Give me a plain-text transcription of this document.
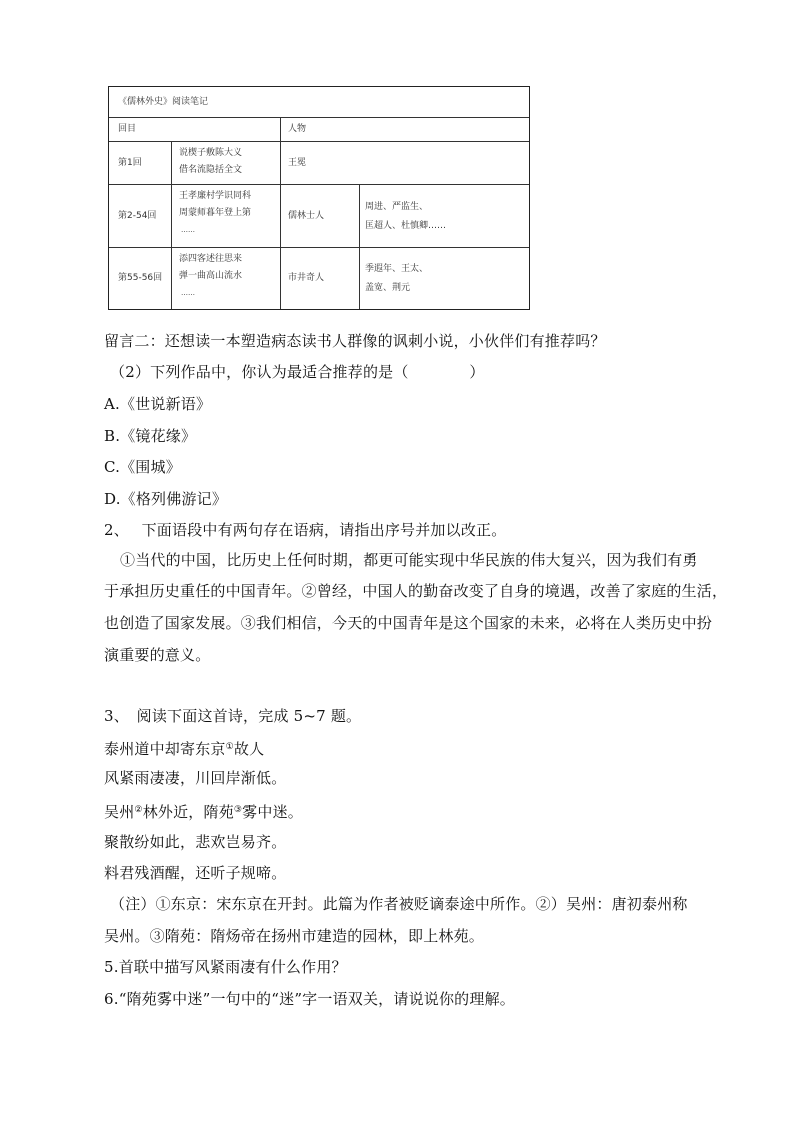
《儒林外史》阅读笔记
回目	人物
第1回
说楔子敷陈大义
借名流隐括全文
王冕
第2-54回
王孝廉村学识同科
周蒙师暮年登上第
……
儒林士人
周进、严监生、
匡超人、杜慎卿……
第55-56回
添四客述往思来
弹一曲高山流水
……
市井奇人
季遐年、王太、
盖宽、荆元
留言二：还想读一本塑造病态读书人群像的讽刺小说，小伙伴们有推荐吗？
（2）下列作品中，你认为最适合推荐的是（　　　　）
A.《世说新语》
B.《镜花缘》
C.《围城》
D.《格列佛游记》
2、　 下面语段中有两句存在语病，请指出序号并加以改正。
①当代的中国，比历史上任何时期，都更可能实现中华民族的伟大复兴，因为我们有勇
于承担历史重任的中国青年。②曾经，中国人的勤奋改变了自身的境遇，改善了家庭的生活，
也创造了国家发展。③我们相信，今天的中国青年是这个国家的未来，必将在人类历史中扮
演重要的意义。
3、　阅读下面这首诗，完成 5~7 题。
泰州道中却寄东京①故人
风紧雨凄凄，川回岸渐低。
吴州②林外近，隋苑③雾中迷。
聚散纷如此，悲欢岂易齐。
料君残酒醒，还听子规啼。
（注）①东京：宋东京在开封。此篇为作者被贬谪泰途中所作。②）吴州：唐初泰州称
吴州。③隋苑：隋炀帝在扬州市建造的园林，即上林苑。
5.首联中描写风紧雨凄有什么作用？
6.“隋苑雾中迷”一句中的“迷”字一语双关，请说说你的理解。
